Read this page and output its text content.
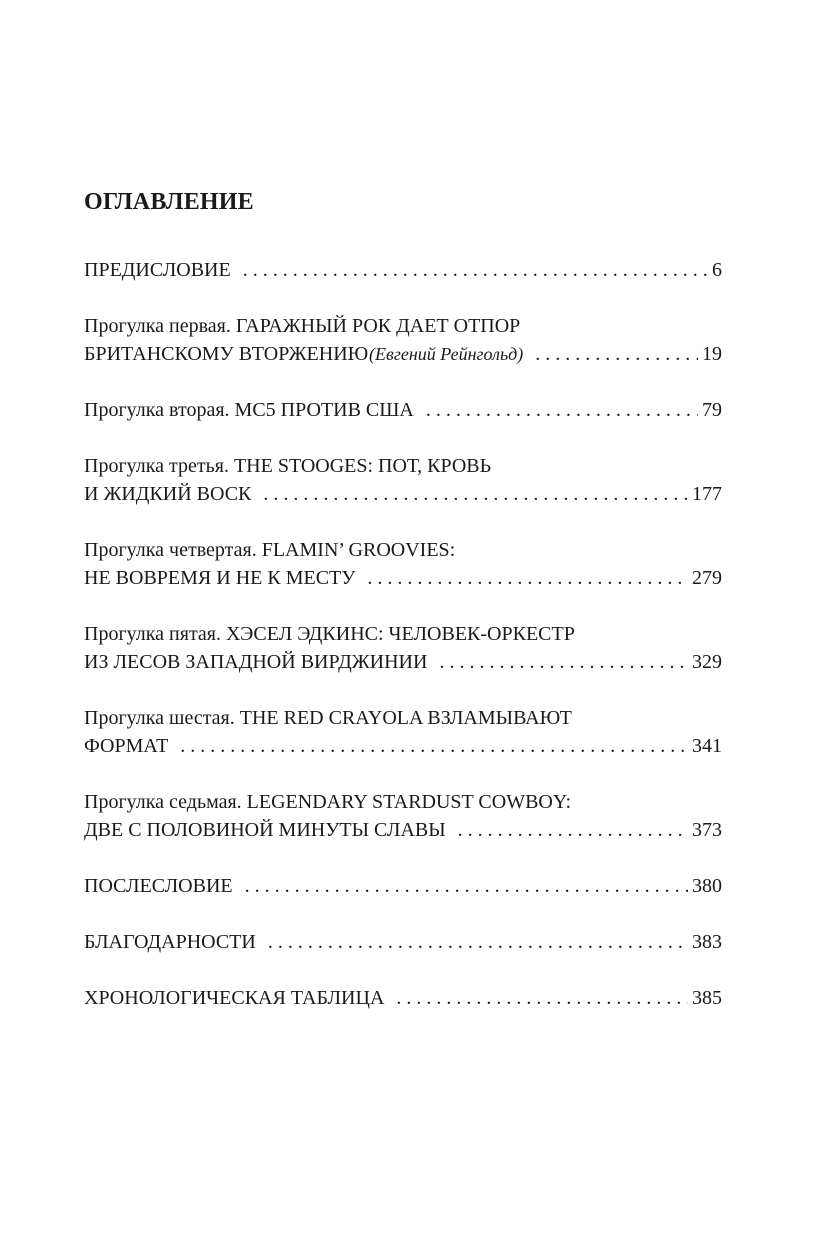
ОГЛАВЛЕНИЕ
ПРЕДИСЛОВИЕ . . .	6
Прогулка первая. ГАРАЖНЫЙ РОК ДАЕТ ОТПОР
БРИТАНСКОМУ ВТОРЖЕНИЮ (Евгений Рейнгольд) . . .	19
Прогулка вторая. МС5 ПРОТИВ США . . .	79
Прогулка третья. THE STOOGES: ПОТ, КРОВЬ
И ЖИДКИЙ ВОСК . . .	177
Прогулка четвертая. FLAMIN’ GROOVIES:
НЕ ВОВРЕМЯ И НЕ К МЕСТУ . . .	279
Прогулка пятая. ХЭСЕЛ ЭДКИНС: ЧЕЛОВЕК-ОРКЕСТР
ИЗ ЛЕСОВ ЗАПАДНОЙ ВИРДЖИНИИ . . .	329
Прогулка шестая. THE RED CRAYOLA ВЗЛАМЫВАЮТ
ФОРМАТ . . .	341
Прогулка седьмая. LEGENDARY STARDUST COWBOY:
ДВЕ С ПОЛОВИНОЙ МИНУТЫ СЛАВЫ . . .	373
ПОСЛЕСЛОВИЕ . . .	380
БЛАГОДАРНОСТИ . . .	383
ХРОНОЛОГИЧЕСКАЯ ТАБЛИЦА . . .	385
